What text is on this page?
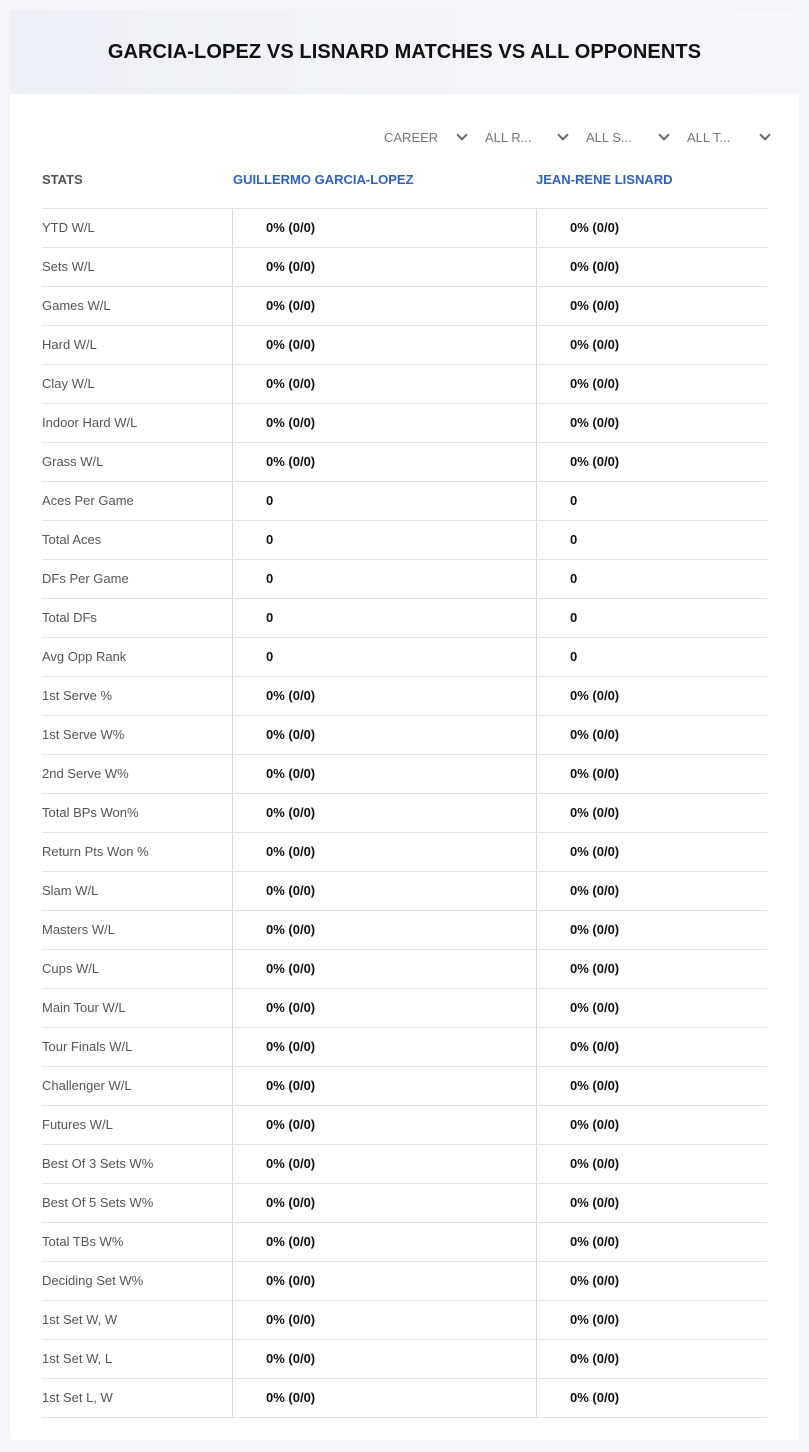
GARCIA-LOPEZ VS LISNARD MATCHES VS ALL OPPONENTS
CAREER	ALL R...	ALL S...	ALL T...
STATS	GUILLERMO GARCIA-LOPEZ	JEAN-RENE LISNARD
YTD W/L	0% (0/0)	0% (0/0)
Sets W/L	0% (0/0)	0% (0/0)
Games W/L	0% (0/0)	0% (0/0)
Hard W/L	0% (0/0)	0% (0/0)
Clay W/L	0% (0/0)	0% (0/0)
Indoor Hard W/L	0% (0/0)	0% (0/0)
Grass W/L	0% (0/0)	0% (0/0)
Aces Per Game	0	0
Total Aces	0	0
DFs Per Game	0	0
Total DFs	0	0
Avg Opp Rank	0	0
1st Serve %	0% (0/0)	0% (0/0)
1st Serve W%	0% (0/0)	0% (0/0)
2nd Serve W%	0% (0/0)	0% (0/0)
Total BPs Won%	0% (0/0)	0% (0/0)
Return Pts Won %	0% (0/0)	0% (0/0)
Slam W/L	0% (0/0)	0% (0/0)
Masters W/L	0% (0/0)	0% (0/0)
Cups W/L	0% (0/0)	0% (0/0)
Main Tour W/L	0% (0/0)	0% (0/0)
Tour Finals W/L	0% (0/0)	0% (0/0)
Challenger W/L	0% (0/0)	0% (0/0)
Futures W/L	0% (0/0)	0% (0/0)
Best Of 3 Sets W%	0% (0/0)	0% (0/0)
Best Of 5 Sets W%	0% (0/0)	0% (0/0)
Total TBs W%	0% (0/0)	0% (0/0)
Deciding Set W%	0% (0/0)	0% (0/0)
1st Set W, W	0% (0/0)	0% (0/0)
1st Set W, L	0% (0/0)	0% (0/0)
1st Set L, W	0% (0/0)	0% (0/0)
